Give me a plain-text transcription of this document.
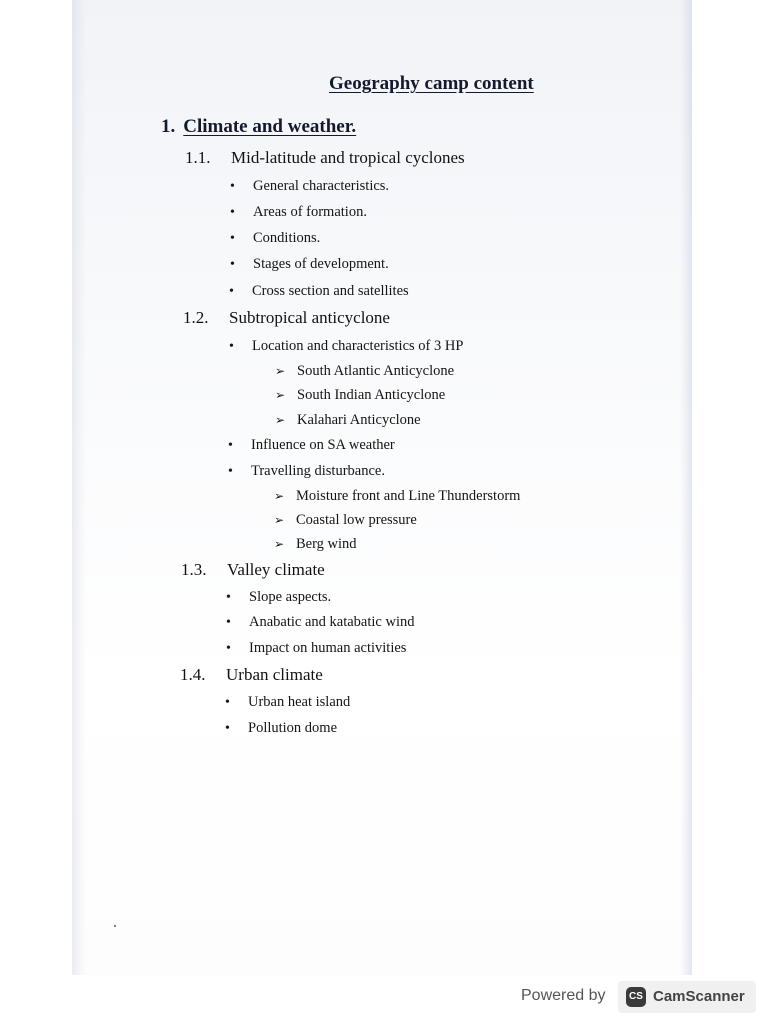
Geography camp content
1. Climate and weather.
1.1. Mid-latitude and tropical cyclones
• General characteristics.
• Areas of formation.
• Conditions.
• Stages of development.
• Cross section and satellites
1.2. Subtropical anticyclone
• Location and characteristics of 3 HP
➢ South Atlantic Anticyclone
➢ South Indian Anticyclone
➢ Kalahari Anticyclone
• Influence on SA weather
• Travelling disturbance.
➢ Moisture front and Line Thunderstorm
➢ Coastal low pressure
➢ Berg wind
1.3. Valley climate
• Slope aspects.
• Anabatic and katabatic wind
• Impact on human activities
1.4. Urban climate
• Urban heat island
• Pollution dome
Powered by	CS CamScanner
